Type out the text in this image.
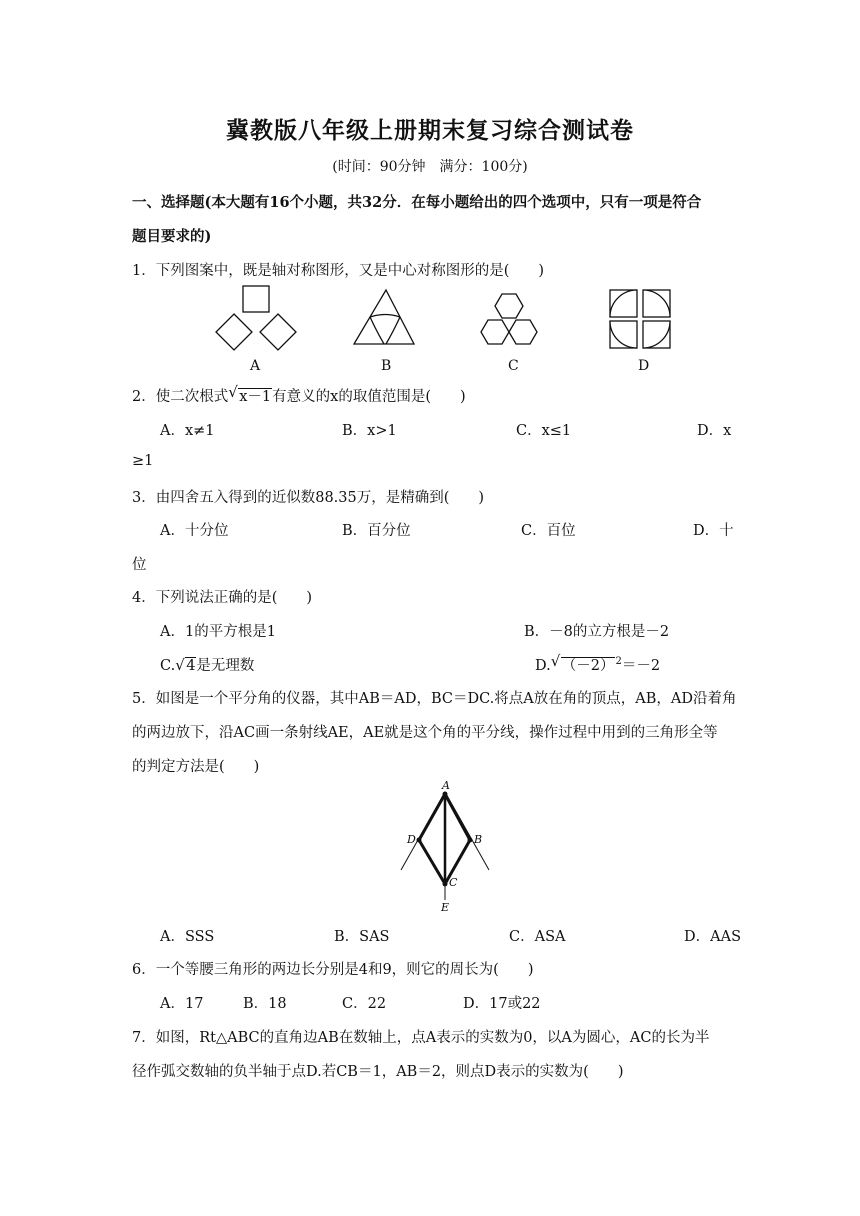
冀教版八年级上册期末复习综合测试卷
(时间：90分钟　满分：100分)
一、选择题(本大题有16个小题，共32分．在每小题给出的四个选项中，只有一项是符合
题目要求的)
1．下列图案中，既是轴对称图形，又是中心对称图形的是(　　)
A	B	C	D
2．使二次根式 √ x－1有意义的x的取值范围是(　　)
A．x≠1	B．x>1	C．x≤1	D．x
≥1
3．由四舍五入得到的近似数88.35万，是精确到(　　)
A．十分位	B．百分位	C．百位	D．十
位
4．下列说法正确的是(　　)
A．1的平方根是1	B．－8的立方根是－2
C. √ 4是无理数	D. √ $(-2)^2=-2$
5．如图是一个平分角的仪器，其中AB＝AD，BC＝DC.将点A放在角的顶点，AB，AD沿着角
的两边放下，沿AC画一条射线AE，AE就是这个角的平分线，操作过程中用到的三角形全等
的判定方法是(　　)
A
B
C
D
E
A．SSS	B．SAS	C．ASA	D．AAS
6．一个等腰三角形的两边长分别是4和9，则它的周长为(　　)
A．17	B．18	C．22	D．17或22
7．如图，Rt△ABC的直角边AB在数轴上，点A表示的实数为0，以A为圆心，AC的长为半
径作弧交数轴的负半轴于点D.若CB＝1，AB＝2，则点D表示的实数为(　　)
